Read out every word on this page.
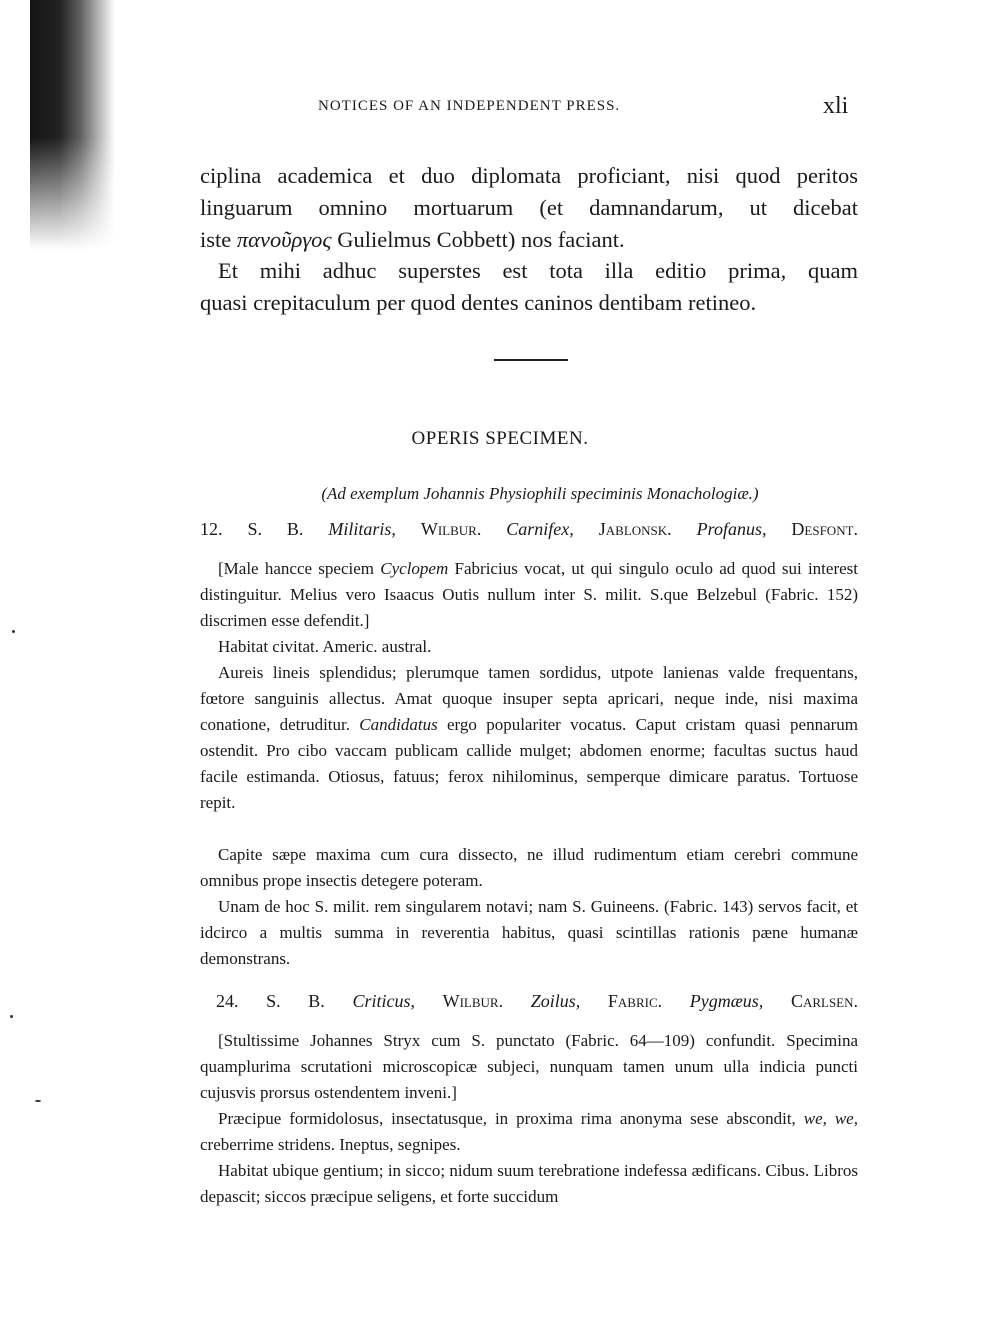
NOTICES OF AN INDEPENDENT PRESS.	xli
ciplina academica et duo diplomata proficiant, nisi quod peritos
linguarum omnino mortuarum (et damnandarum, ut dicebat
iste πανοῦργος Gulielmus Cobbett) nos faciant.
Et mihi adhuc superstes est tota illa editio prima, quam
quasi crepitaculum per quod dentes caninos dentibam retineo.
OPERIS SPECIMEN.
(Ad exemplum Johannis Physiophili speciminis Monachologiæ.)
12. S. B. Militaris, Wilbur. Carnifex, Jablonsk. Profanus, Desfont.
[Male hancce speciem Cyclopem Fabricius vocat, ut qui singulo oculo ad quod sui interest distinguitur. Melius vero Isaacus Outis nullum inter S. milit. S.que Belzebul (Fabric. 152) discrimen esse defendit.]
Habitat civitat. Americ. austral.
Aureis lineis splendidus; plerumque tamen sordidus, utpote lanienas valde frequentans, fœtore sanguinis allectus. Amat quoque insuper septa apricari, neque inde, nisi maxima conatione, detruditur. Candidatus ergo populariter vocatus. Caput cristam quasi pennarum ostendit. Pro cibo vaccam publicam callide mulget; abdomen enorme; facultas suctus haud facile estimanda. Otiosus, fatuus; ferox nihilominus, semperque dimicare paratus. Tortuose repit.
Capite sæpe maxima cum cura dissecto, ne illud rudimentum etiam cerebri commune omnibus prope insectis detegere poteram.
Unam de hoc S. milit. rem singularem notavi; nam S. Guineens. (Fabric. 143) servos facit, et idcirco a multis summa in reverentia habitus, quasi scintillas rationis pæne humanæ demonstrans.
24. S. B. Criticus, Wilbur. Zoilus, Fabric. Pygmæus, Carlsen.
[Stultissime Johannes Stryx cum S. punctato (Fabric. 64—109) confundit. Specimina quamplurima scrutationi microscopicæ subjeci, nunquam tamen unum ulla indicia puncti cujusvis prorsus ostendentem inveni.]
Præcipue formidolosus, insectatusque, in proxima rima anonyma sese abscondit, we, we, creberrime stridens. Ineptus, segnipes.
Habitat ubique gentium; in sicco; nidum suum terebratione indefessa ædificans. Cibus. Libros depascit; siccos præcipue seligens, et forte succidum
